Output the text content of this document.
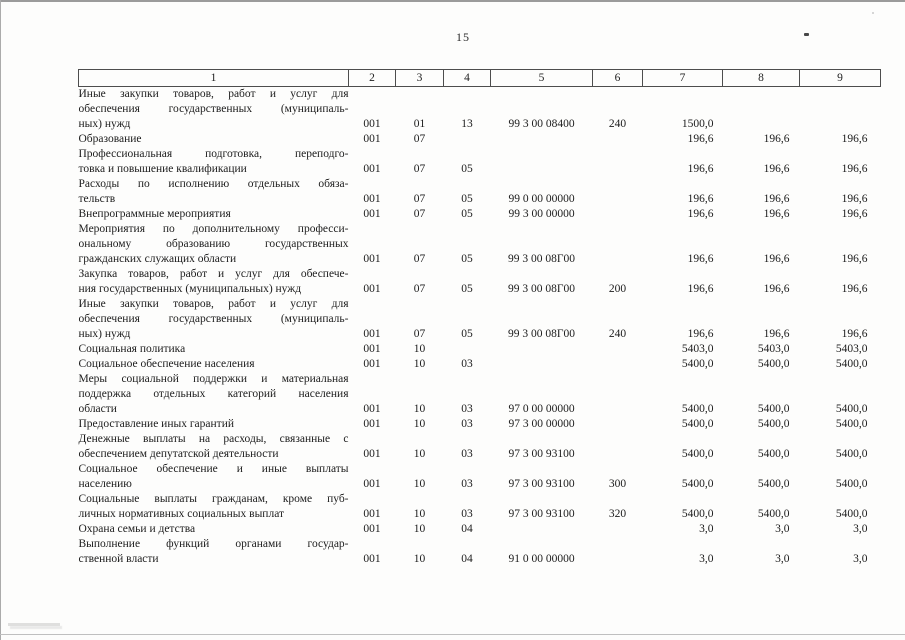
15
1	2	3	4	5	6	7	8	9

Иные закупки товаров, работ и услуг для
обеспечения государственных (муниципаль-
ных) нужд	001	01	13	99 3 00 08400	240	1500,0		

Образование	001	07				196,6	196,6	196,6

Профессиональная подготовка, переподго-
товка и повышение квалификации	001	07	05			196,6	196,6	196,6

Расходы по исполнению отдельных обяза-
тельств	001	07	05	99 0 00 00000		196,6	196,6	196,6

Внепрограммные мероприятия	001	07	05	99 3 00 00000		196,6	196,6	196,6

Мероприятия по дополнительному професси-
ональному образованию государственных
гражданских служащих области	001	07	05	99 3 00 08Г00		196,6	196,6	196,6

Закупка товаров, работ и услуг для обеспече-
ния государственных (муниципальных) нужд	001	07	05	99 3 00 08Г00	200	196,6	196,6	196,6

Иные закупки товаров, работ и услуг для
обеспечения государственных (муниципаль-
ных) нужд	001	07	05	99 3 00 08Г00	240	196,6	196,6	196,6

Социальная политика	001	10				5403,0	5403,0	5403,0

Социальное обеспечение населения	001	10	03			5400,0	5400,0	5400,0

Меры социальной поддержки и материальная
поддержка отдельных категорий населения
области	001	10	03	97 0 00 00000		5400,0	5400,0	5400,0

Предоставление иных гарантий	001	10	03	97 3 00 00000		5400,0	5400,0	5400,0

Денежные выплаты на расходы, связанные с
обеспечением депутатской деятельности	001	10	03	97 3 00 93100		5400,0	5400,0	5400,0

Социальное обеспечение и иные выплаты
населению	001	10	03	97 3 00 93100	300	5400,0	5400,0	5400,0

Социальные выплаты гражданам, кроме пуб-
личных нормативных социальных выплат	001	10	03	97 3 00 93100	320	5400,0	5400,0	5400,0

Охрана семьи и детства	001	10	04			3,0	3,0	3,0

Выполнение функций органами государ-
ственной власти	001	10	04	91 0 00 00000		3,0	3,0	3,0
